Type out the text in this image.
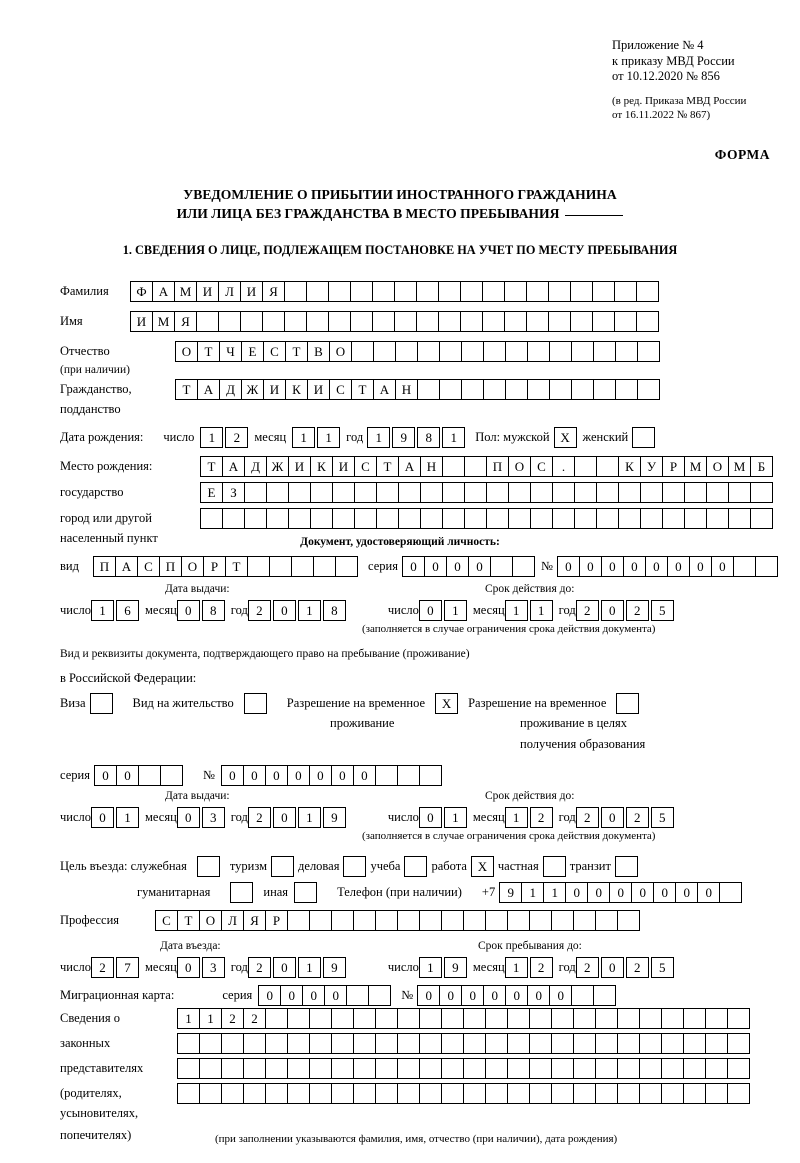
Приложение № 4
к приказу МВД России
от 10.12.2020 № 856
(в ред. Приказа МВД России
от 16.11.2022 № 867)
ФОРМА
УВЕДОМЛЕНИЕ О ПРИБЫТИИ ИНОСТРАННОГО ГРАЖДАНИНА
ИЛИ ЛИЦА БЕЗ ГРАЖДАНСТВА В МЕСТО ПРЕБЫВАНИЯ
1. СВЕДЕНИЯ О ЛИЦЕ, ПОДЛЕЖАЩЕМ ПОСТАНОВКЕ НА УЧЕТ ПО МЕСТУ ПРЕБЫВАНИЯ
Фамилия	Ф А М И Л И Я
Имя	И М Я
Отчество	О	Т	Ч	Е	С	Т	В О
(при наличии)
Гражданство,	Т	А Д Ж И К И С	Т	А Н
подданство
Дата рождения: число	1	2	месяц	1	1	год 1	9	8	1	Пол: мужской Х	женский
Место рождения:	Т	А Д Ж И К И С	Т	А Н	П О С	.	К	У	Р М О М Б
государство	Е	З
город или другой
населенный пункт	Документ, удостоверяющий личность:
вид	П А С П О	Р	Т	серия 0	0	0	0	№ 0	0	0	0	0	0	0	0
Дата выдачи:	Срок действия до:
число 1	6	месяц 0	8	год 2	0	1	8	число 0	1	месяц 1	1	год 2	0	2	5
(заполняется в случае ограничения срока действия документа)
Вид и реквизиты документа, подтверждающего право на пребывание (проживание)
в Российской Федерации:
Виза	Вид на жительство	Разрешение на временное	Х	Разрешение на временное
проживание	проживание в целях
получения образования
серия 0	0	№	0	0	0	0	0	0	0
Дата выдачи:	Срок действия до:
число 0	1	месяц 0	3	год 2	0	1	9	число 0	1	месяц 1	2	год 2	0	2	5
(заполняется в случае ограничения срока действия документа)
Цель въезда: служебная	туризм деловая учеба работа Х частная транзит
гуманитарная	иная	Телефон (при наличии) +7 9	1	1	0	0	0	0	0	0	0
Профессия	С	Т	О Л	Я	Р
Дата въезда:	Срок пребывания до:
число 2	7	месяц 0	3	год 2	0	1	9	число 1	9	месяц 1	2	год 2	0	2	5
Миграционная карта:	серия	0	0	0	0	№ 0	0	0	0	0	0	0
Сведения о	1	1	2	2
законных
представителях
(родителях,
усыновителях,
попечителях)	(при заполнении указываются фамилия, имя, отчество (при наличии), дата рождения)
